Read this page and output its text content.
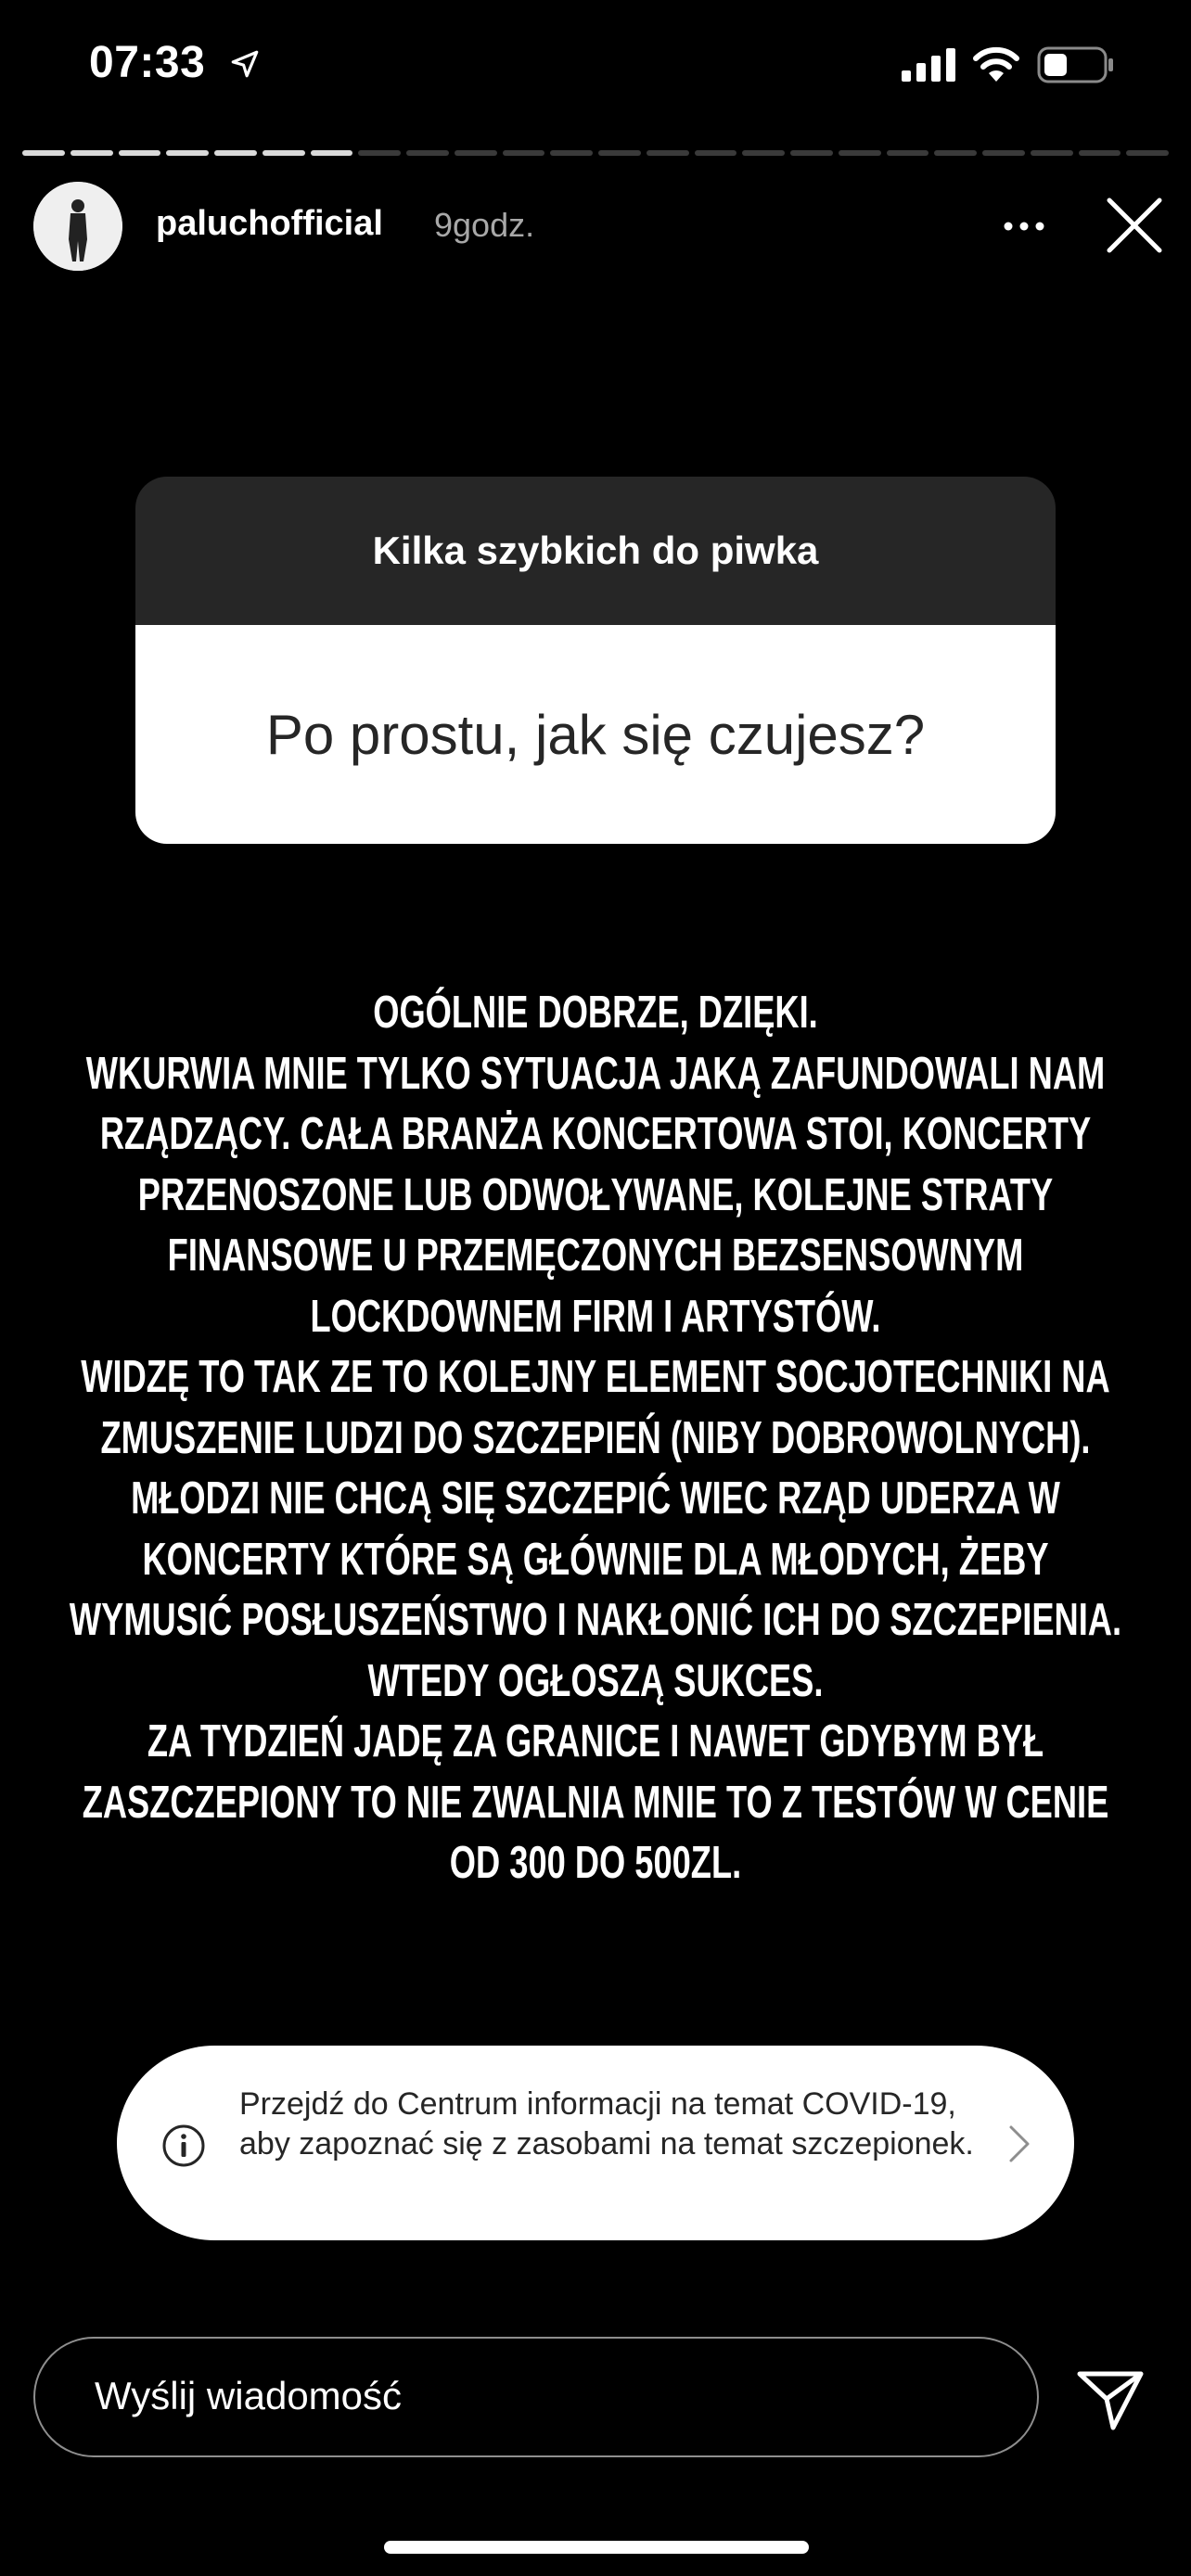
07:33
paluchofficial 9godz.
Kilka szybkich do piwka
Po prostu, jak się czujesz?
OGÓLNIE DOBRZE, DZIĘKI.
WKURWIA MNIE TYLKO SYTUACJA JAKĄ ZAFUNDOWALI NAM
RZĄDZĄCY. CAŁA BRANŻA KONCERTOWA STOI, KONCERTY
PRZENOSZONE LUB ODWOŁYWANE, KOLEJNE STRATY
FINANSOWE U PRZEMĘCZONYCH BEZSENSOWNYM
LOCKDOWNEM FIRM I ARTYSTÓW.
WIDZĘ TO TAK ZE TO KOLEJNY ELEMENT SOCJOTECHNIKI NA
ZMUSZENIE LUDZI DO SZCZEPIEŃ (NIBY DOBROWOLNYCH).
MŁODZI NIE CHCĄ SIĘ SZCZEPIĆ WIEC RZĄD UDERZA W
KONCERTY KTÓRE SĄ GŁÓWNIE DLA MŁODYCH, ŻEBY
WYMUSIĆ POSŁUSZEŃSTWO I NAKŁONIĆ ICH DO SZCZEPIENIA.
WTEDY OGŁOSZĄ SUKCES.
ZA TYDZIEŃ JADĘ ZA GRANICE I NAWET GDYBYM BYŁ
ZASZCZEPIONY TO NIE ZWALNIA MNIE TO Z TESTÓW W CENIE
OD 300 DO 500ZL.
Przejdź do Centrum informacji na temat COVID-19, aby zapoznać się z zasobami na temat szczepionek.
Wyślij wiadomość
